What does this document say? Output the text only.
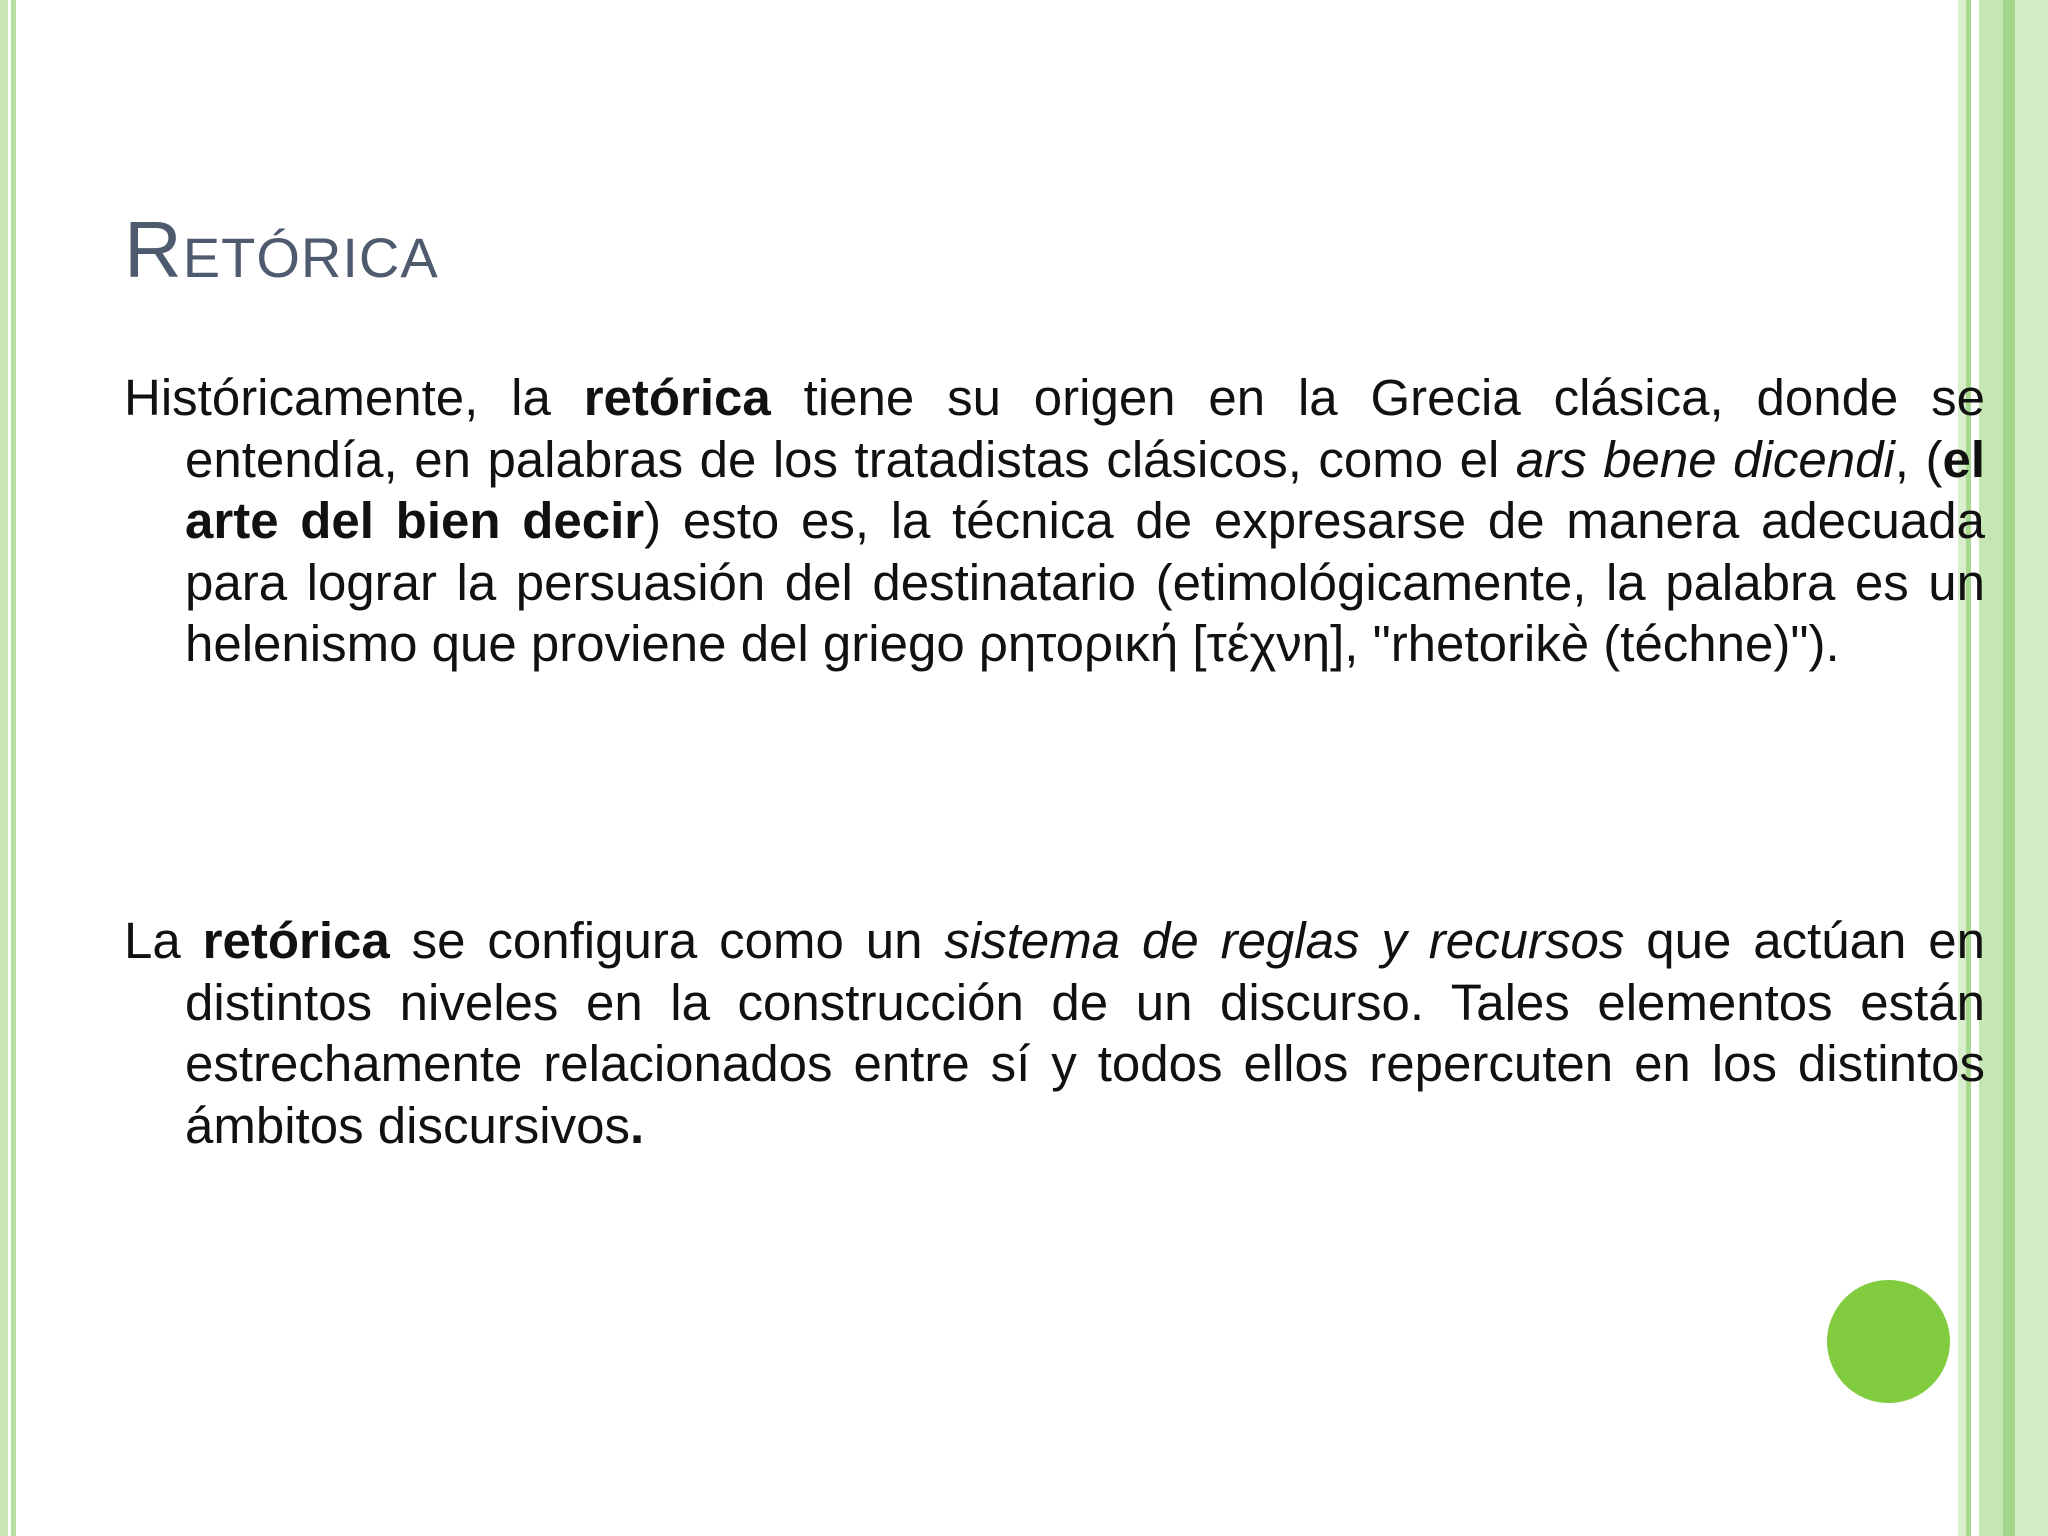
Retórica

Históricamente, la retórica tiene su origen en la Grecia clásica, donde se entendía, en palabras de los tratadistas clásicos, como el ars bene dicendi, (el arte del bien decir) esto es, la técnica de expresarse de manera adecuada para lograr la persuasión del destinatario (etimológicamente, la palabra es un helenismo que proviene del griego ρητορική [τέχνη], "rhetorikè (téchne)").

La retórica se configura como un sistema de reglas y recursos que actúan en distintos niveles en la construcción de un discurso. Tales elementos están estrechamente relacionados entre sí y todos ellos repercuten en los distintos ámbitos discursivos.
